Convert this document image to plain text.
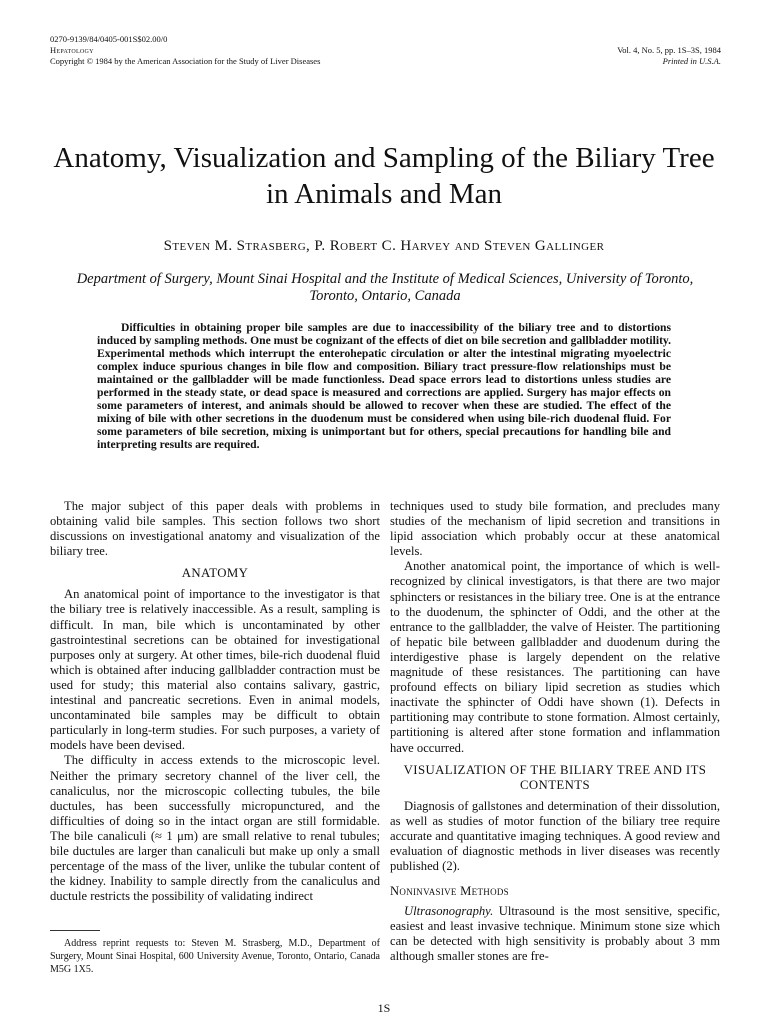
0270-9139/84/0405-001S$02.00/0
Hepatology
Copyright © 1984 by the American Association for the Study of Liver Diseases
Vol. 4, No. 5, pp. 1S–3S, 1984
Printed in U.S.A.
Anatomy, Visualization and Sampling of the Biliary Tree in Animals and Man
Steven M. Strasberg, P. Robert C. Harvey and Steven Gallinger
Department of Surgery, Mount Sinai Hospital and the Institute of Medical Sciences, University of Toronto, Toronto, Ontario, Canada
Difficulties in obtaining proper bile samples are due to inaccessibility of the biliary tree and to distortions induced by sampling methods. One must be cognizant of the effects of diet on bile secretion and gallbladder motility. Experimental methods which interrupt the enterohepatic circulation or alter the intestinal migrating myoelectric complex induce spurious changes in bile flow and composition. Biliary tract pressure-flow relationships must be maintained or the gallbladder will be made functionless. Dead space errors lead to distortions unless studies are performed in the steady state, or dead space is measured and corrections are applied. Surgery has major effects on some parameters of interest, and animals should be allowed to recover when these are studied. The effect of the mixing of bile with other secretions in the duodenum must be considered when using bile-rich duodenal fluid. For some parameters of bile secretion, mixing is unimportant but for others, special precautions for handling bile and interpreting results are required.

The major subject of this paper deals with problems in obtaining valid bile samples. This section follows two short discussions on investigational anatomy and visualization of the biliary tree.

ANATOMY

An anatomical point of importance to the investigator is that the biliary tree is relatively inaccessible. As a result, sampling is difficult. In man, bile which is uncontaminated by other gastrointestinal secretions can be obtained for investigational purposes only at surgery. At other times, bile-rich duodenal fluid which is obtained after inducing gallbladder contraction must be used for study; this material also contains salivary, gastric, intestinal and pancreatic secretions. Even in animal models, uncontaminated bile samples may be difficult to obtain particularly in long-term studies. For such purposes, a variety of models have been devised.

The difficulty in access extends to the microscopic level. Neither the primary secretory channel of the liver cell, the canaliculus, nor the microscopic collecting tubules, the bile ductules, has been successfully micropunctured, and the difficulties of doing so in the intact organ are still formidable. The bile canaliculi (≈ 1 μm) are small relative to renal tubules; bile ductules are larger than canaliculi but make up only a small percentage of the mass of the liver, unlike the tubular content of the kidney. Inability to sample directly from the canaliculus and ductule restricts the possibility of validating indirect

techniques used to study bile formation, and precludes many studies of the mechanism of lipid secretion and transitions in lipid association which probably occur at these anatomical levels.

Another anatomical point, the importance of which is well-recognized by clinical investigators, is that there are two major sphincters or resistances in the biliary tree. One is at the entrance to the duodenum, the sphincter of Oddi, and the other at the entrance to the gallbladder, the valve of Heister. The partitioning of hepatic bile between gallbladder and duodenum during the interdigestive phase is largely dependent on the relative magnitude of these resistances. The partitioning can have profound effects on biliary lipid secretion as studies which inactivate the sphincter of Oddi have shown (1). Defects in partitioning may contribute to stone formation. Almost certainly, partitioning is altered after stone formation and inflammation have occurred.

VISUALIZATION OF THE BILIARY TREE AND ITS CONTENTS

Diagnosis of gallstones and determination of their dissolution, as well as studies of motor function of the biliary tree require accurate and quantitative imaging techniques. A good review and evaluation of diagnostic methods in liver diseases was recently published (2).

Noninvasive Methods

Ultrasonography. Ultrasound is the most sensitive, specific, easiest and least invasive technique. Minimum stone size which can be detected with high sensitivity is probably about 3 mm although smaller stones are fre-

Address reprint requests to: Steven M. Strasberg, M.D., Department of Surgery, Mount Sinai Hospital, 600 University Avenue, Toronto, Ontario, Canada M5G 1X5.
1S
